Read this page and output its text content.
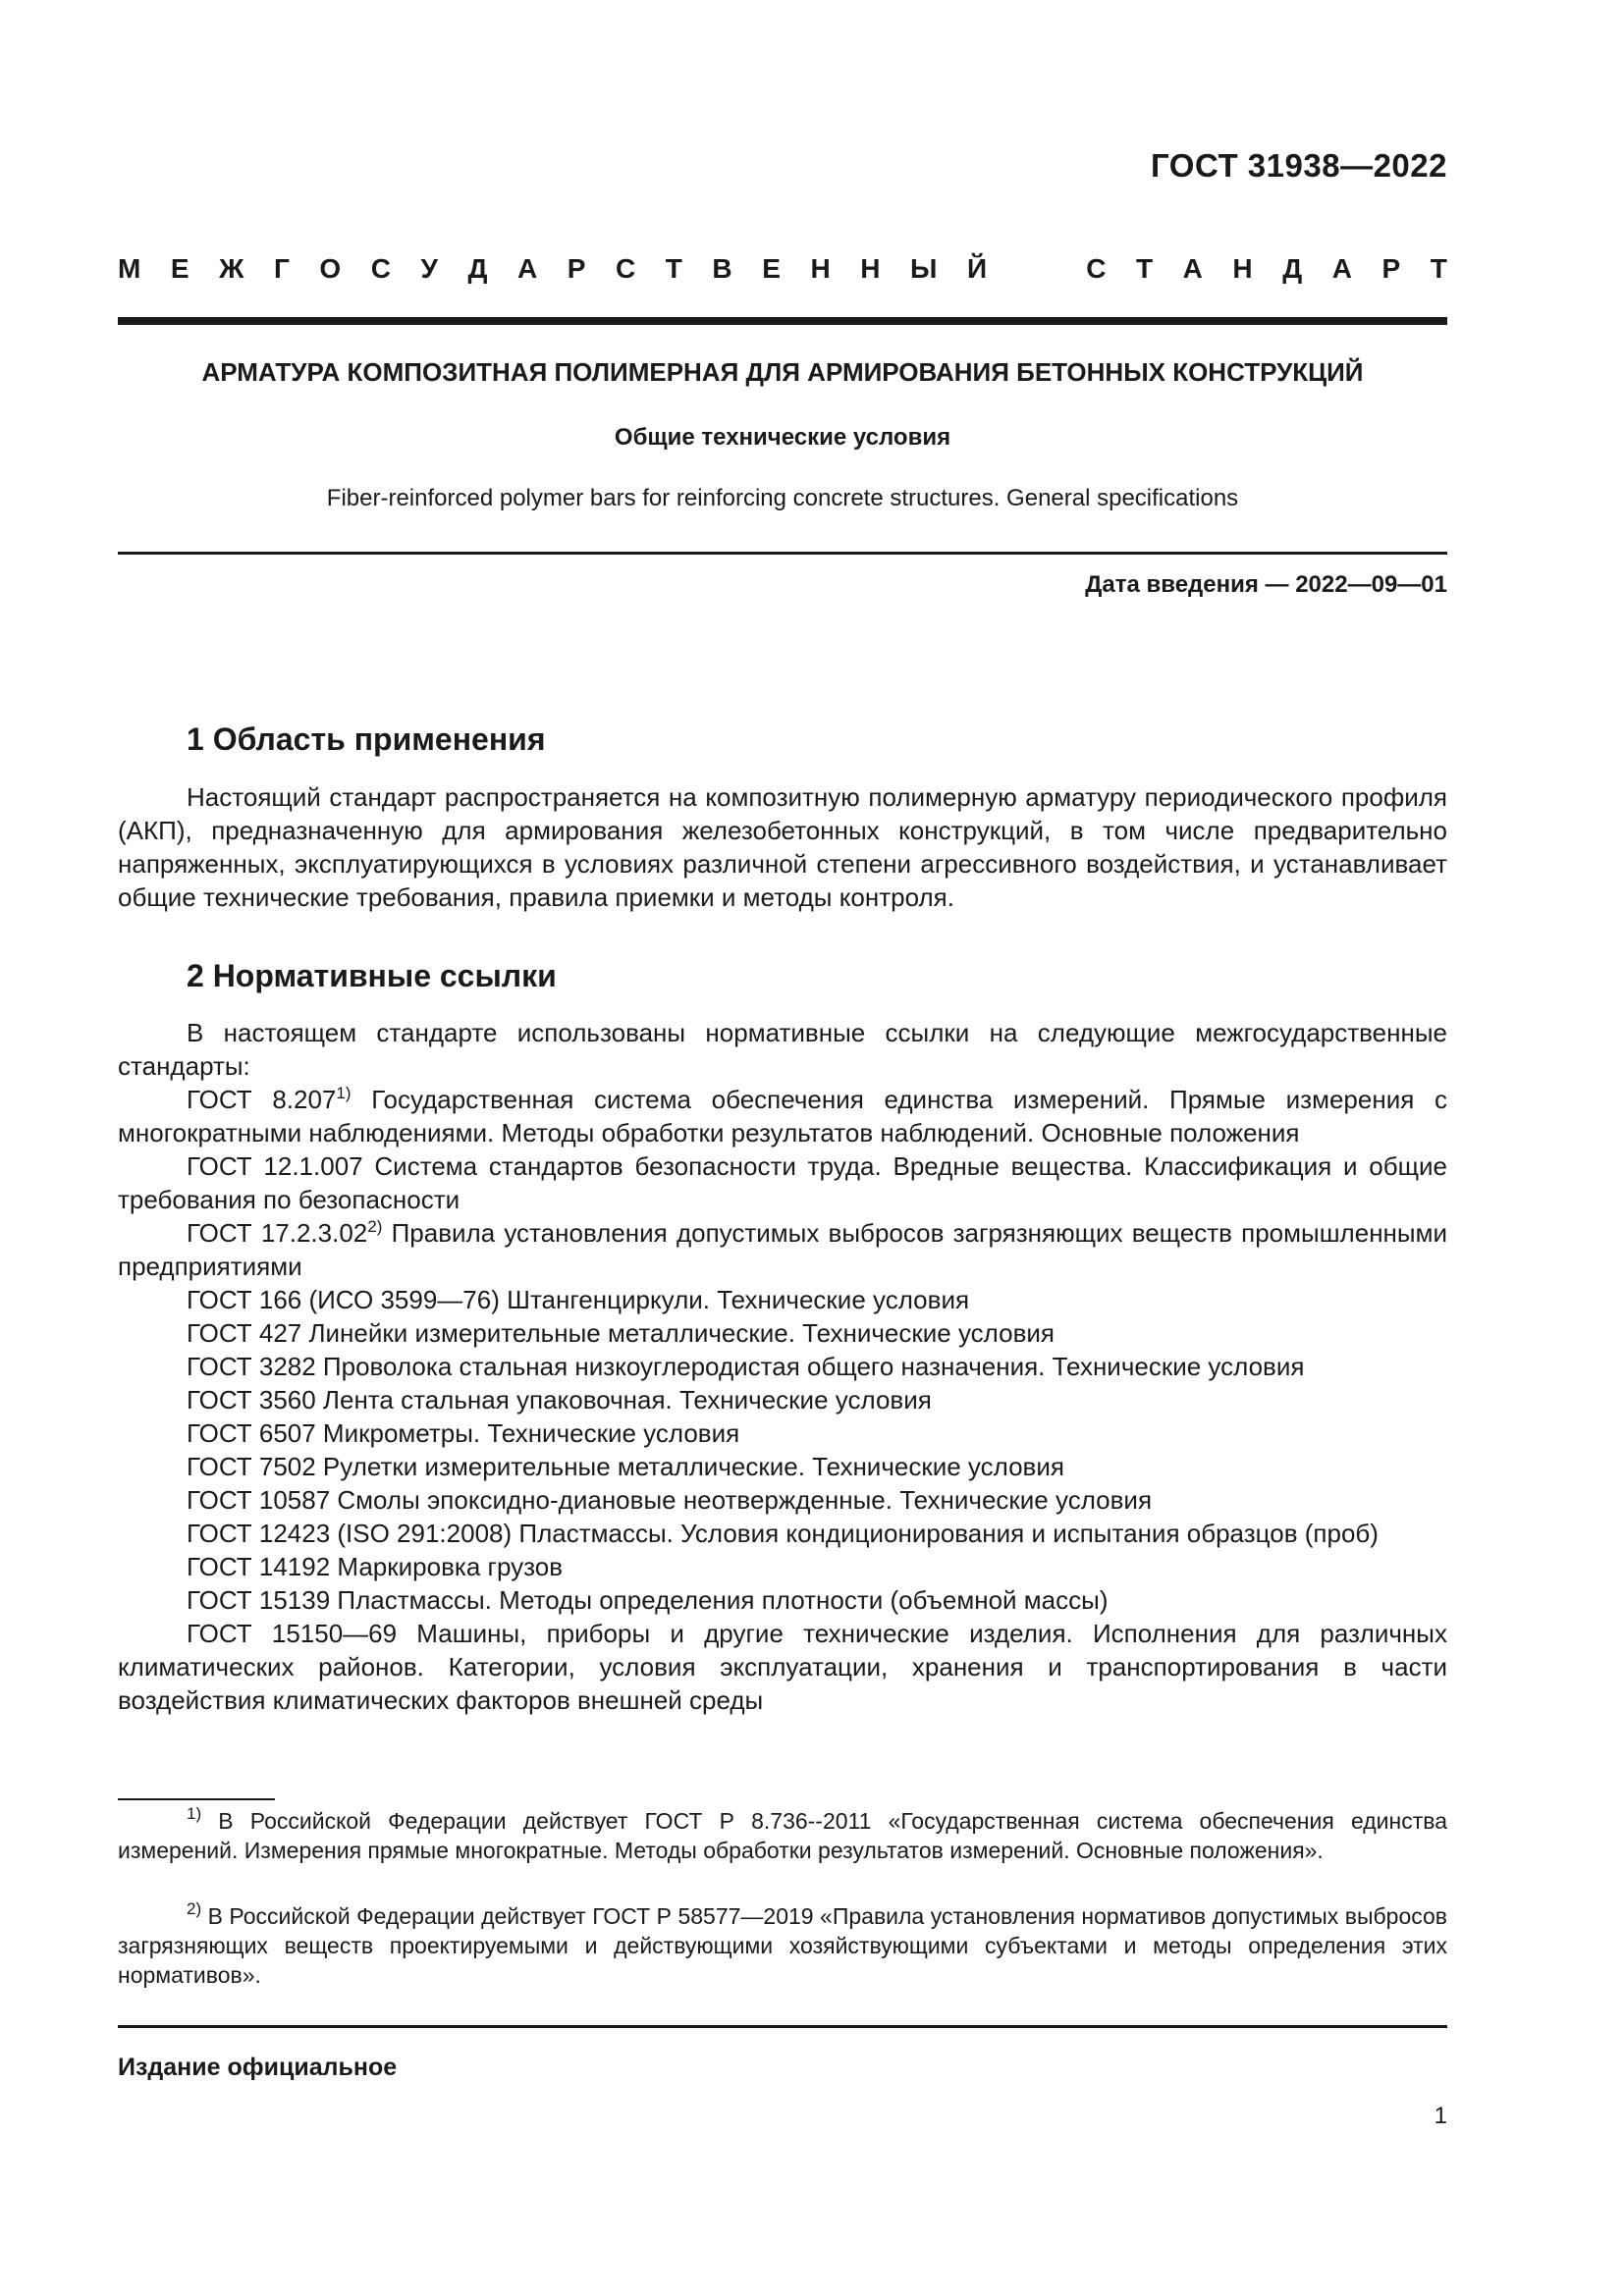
ГОСТ 31938—2022
М Е Ж Г О С У Д А Р С Т В Е Н Н Ы Й	С Т А Н Д А Р Т
АРМАТУРА КОМПОЗИТНАЯ ПОЛИМЕРНАЯ ДЛЯ АРМИРОВАНИЯ БЕТОННЫХ КОНСТРУКЦИЙ
Общие технические условия
Fiber-reinforced polymer bars for reinforcing concrete structures. General specifications
Дата введения — 2022—09—01
1 Область применения

Настоящий стандарт распространяется на композитную полимерную арматуру периодического профиля (АКП), предназначенную для армирования железобетонных конструкций, в том числе предварительно напряженных, эксплуатирующихся в условиях различной степени агрессивного воздействия, и устанавливает общие технические требования, правила приемки и методы контроля.

2 Нормативные ссылки

В настоящем стандарте использованы нормативные ссылки на следующие межгосударственные стандарты:

ГОСТ 8.207$^{1)}$ Государственная система обеспечения единства измерений. Прямые измерения с многократными наблюдениями. Методы обработки результатов наблюдений. Основные положения
ГОСТ 12.1.007 Система стандартов безопасности труда. Вредные вещества. Классификация и общие требования по безопасности
ГОСТ 17.2.3.02$^{2)}$ Правила установления допустимых выбросов загрязняющих веществ промышленными предприятиями
ГОСТ 166 (ИСО 3599—76) Штангенциркули. Технические условия
ГОСТ 427 Линейки измерительные металлические. Технические условия
ГОСТ 3282 Проволока стальная низкоуглеродистая общего назначения. Технические условия
ГОСТ 3560 Лента стальная упаковочная. Технические условия
ГОСТ 6507 Микрометры. Технические условия
ГОСТ 7502 Рулетки измерительные металлические. Технические условия
ГОСТ 10587 Смолы эпоксидно-диановые неотвержденные. Технические условия
ГОСТ 12423 (ISO 291:2008) Пластмассы. Условия кондиционирования и испытания образцов (проб)
ГОСТ 14192 Маркировка грузов
ГОСТ 15139 Пластмассы. Методы определения плотности (объемной массы)
ГОСТ 15150—69 Машины, приборы и другие технические изделия. Исполнения для различных климатических районов. Категории, условия эксплуатации, хранения и транспортирования в части воздействия климатических факторов внешней среды

$^{1)}$ В Российской Федерации действует ГОСТ Р 8.736--2011 «Государственная система обеспечения единства измерений. Измерения прямые многократные. Методы обработки результатов измерений. Основные положения».

$^{2)}$ В Российской Федерации действует ГОСТ Р 58577—2019 «Правила установления нормативов допустимых выбросов загрязняющих веществ проектируемыми и действующими хозяйствующими субъектами и методы определения этих нормативов».

Издание официальное
1
